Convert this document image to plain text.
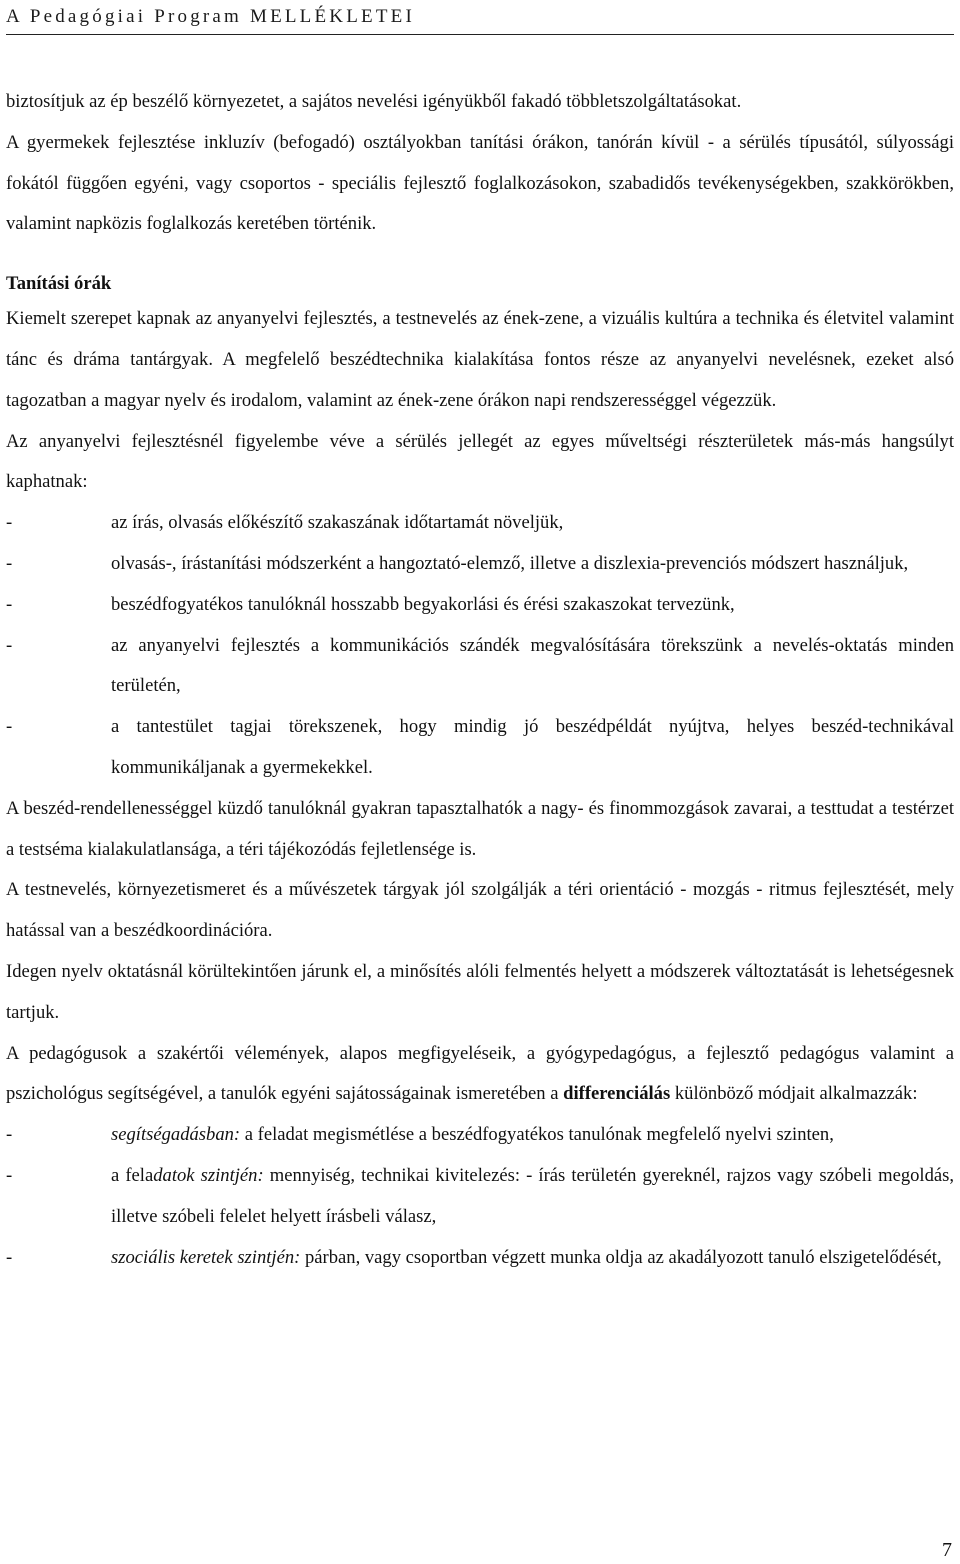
A Pedagógiai Program MELLÉKLETEI

biztosítjuk az ép beszélő környezetet, a sajátos nevelési igényükből fakadó többletszolgáltatásokat.

A gyermekek fejlesztése inkluzív (befogadó) osztályokban tanítási órákon, tanórán kívül - a sérülés típusától, súlyossági fokától függően egyéni, vagy csoportos - speciális fejlesztő foglalkozásokon, szabadidős tevékenységekben, szakkörökben, valamint napközis foglalkozás keretében történik.

Tanítási órák

Kiemelt szerepet kapnak az anyanyelvi fejlesztés, a testnevelés az ének-zene, a vizuális kultúra a technika és életvitel valamint tánc és dráma tantárgyak. A megfelelő beszédtechnika kialakítása fontos része az anyanyelvi nevelésnek, ezeket alsó tagozatban a magyar nyelv és irodalom, valamint az ének-zene órákon napi rendszerességgel végezzük.

Az anyanyelvi fejlesztésnél figyelembe véve a sérülés jellegét az egyes műveltségi részterületek más-más hangsúlyt kaphatnak:

-	az írás, olvasás előkészítő szakaszának időtartamát növeljük,
-	olvasás-, írástanítási módszerként a hangoztató-elemző, illetve a diszlexia-prevenciós módszert használjuk,
-	beszédfogyatékos tanulóknál hosszabb begyakorlási és érési szakaszokat tervezünk,
-	az anyanyelvi fejlesztés a kommunikációs szándék megvalósítására törekszünk a nevelés-oktatás minden területén,
-	a tantestület tagjai törekszenek, hogy mindig jó beszédpéldát nyújtva, helyes beszéd-technikával kommunikáljanak a gyermekekkel.

A beszéd-rendellenességgel küzdő tanulóknál gyakran tapasztalhatók a nagy- és finommozgások zavarai, a testtudat a testérzet a testséma kialakulatlansága, a téri tájékozódás fejletlensége is.

A testnevelés, környezetismeret és a művészetek tárgyak jól szolgálják a téri orientáció - mozgás - ritmus fejlesztését, mely hatással van a beszédkoordinációra.

Idegen nyelv oktatásnál körültekintően járunk el, a minősítés alóli felmentés helyett a módszerek változtatását is lehetségesnek tartjuk.

A pedagógusok a szakértői vélemények, alapos megfigyeléseik, a gyógypedagógus, a fejlesztő pedagógus valamint a pszichológus segítségével, a tanulók egyéni sajátosságainak ismeretében a differenciálás különböző módjait alkalmazzák:

-	segítségadásban: a feladat megismétlése a beszédfogyatékos tanulónak megfelelő nyelvi szinten,
-	a feladatok szintjén: mennyiség, technikai kivitelezés: - írás területén gyereknél, rajzos vagy szóbeli megoldás, illetve szóbeli felelet helyett írásbeli válasz,
-	szociális keretek szintjén: párban, vagy csoportban végzett munka oldja az akadályozott tanuló elszigetelődését,
7
